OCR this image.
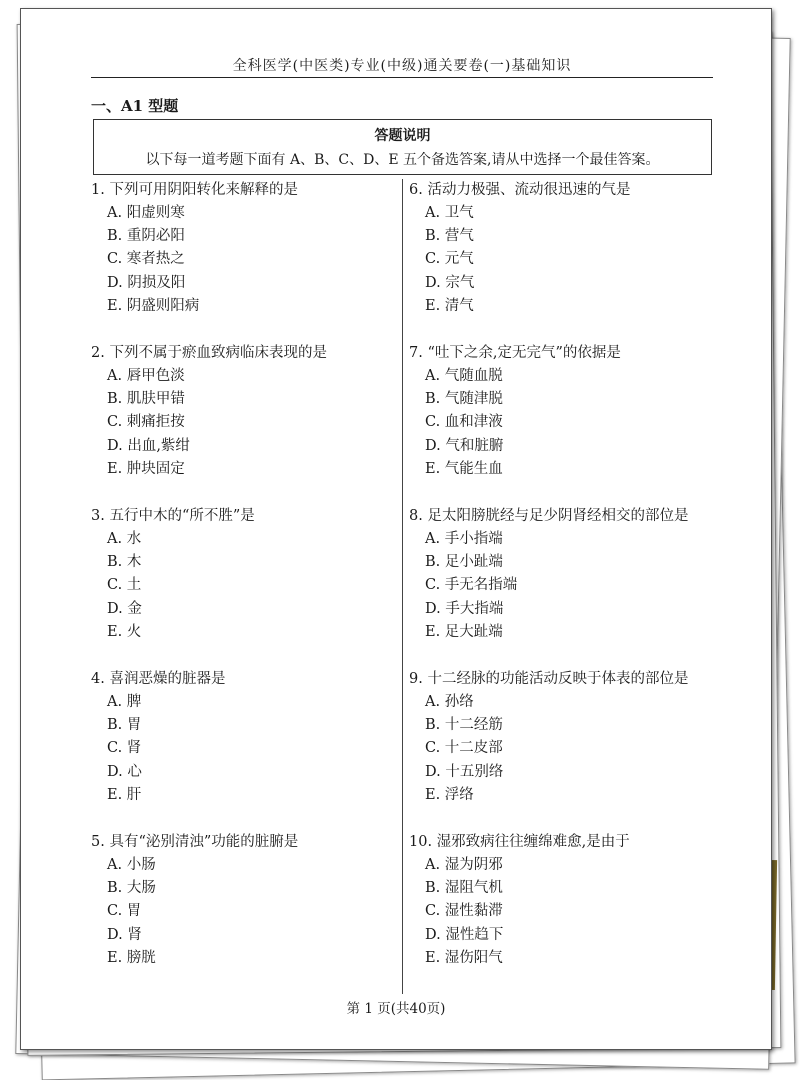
全科医学(中医类)专业(中级)通关要卷(一)基础知识
一、A1 型题
答题说明
以下每一道考题下面有 A、B、C、D、E 五个备选答案,请从中选择一个最佳答案。
1. 下列可用阴阳转化来解释的是
A. 阳虚则寒
B. 重阴必阳
C. 寒者热之
D. 阴损及阳
E. 阴盛则阳病
2. 下列不属于瘀血致病临床表现的是
A. 唇甲色淡
B. 肌肤甲错
C. 刺痛拒按
D. 出血,紫绀
E. 肿块固定
3. 五行中木的“所不胜”是
A. 水
B. 木
C. 土
D. 金
E. 火
4. 喜润恶燥的脏器是
A. 脾
B. 胃
C. 肾
D. 心
E. 肝
5. 具有“泌别清浊”功能的脏腑是
A. 小肠
B. 大肠
C. 胃
D. 肾
E. 膀胱
6. 活动力极强、流动很迅速的气是
A. 卫气
B. 营气
C. 元气
D. 宗气
E. 清气
7. “吐下之余,定无完气”的依据是
A. 气随血脱
B. 气随津脱
C. 血和津液
D. 气和脏腑
E. 气能生血
8. 足太阳膀胱经与足少阴肾经相交的部位是
A. 手小指端
B. 足小趾端
C. 手无名指端
D. 手大指端
E. 足大趾端
9. 十二经脉的功能活动反映于体表的部位是
A. 孙络
B. 十二经筋
C. 十二皮部
D. 十五别络
E. 浮络
10. 湿邪致病往往缠绵难愈,是由于
A. 湿为阴邪
B. 湿阻气机
C. 湿性黏滞
D. 湿性趋下
E. 湿伤阳气
第 1 页(共40页)
